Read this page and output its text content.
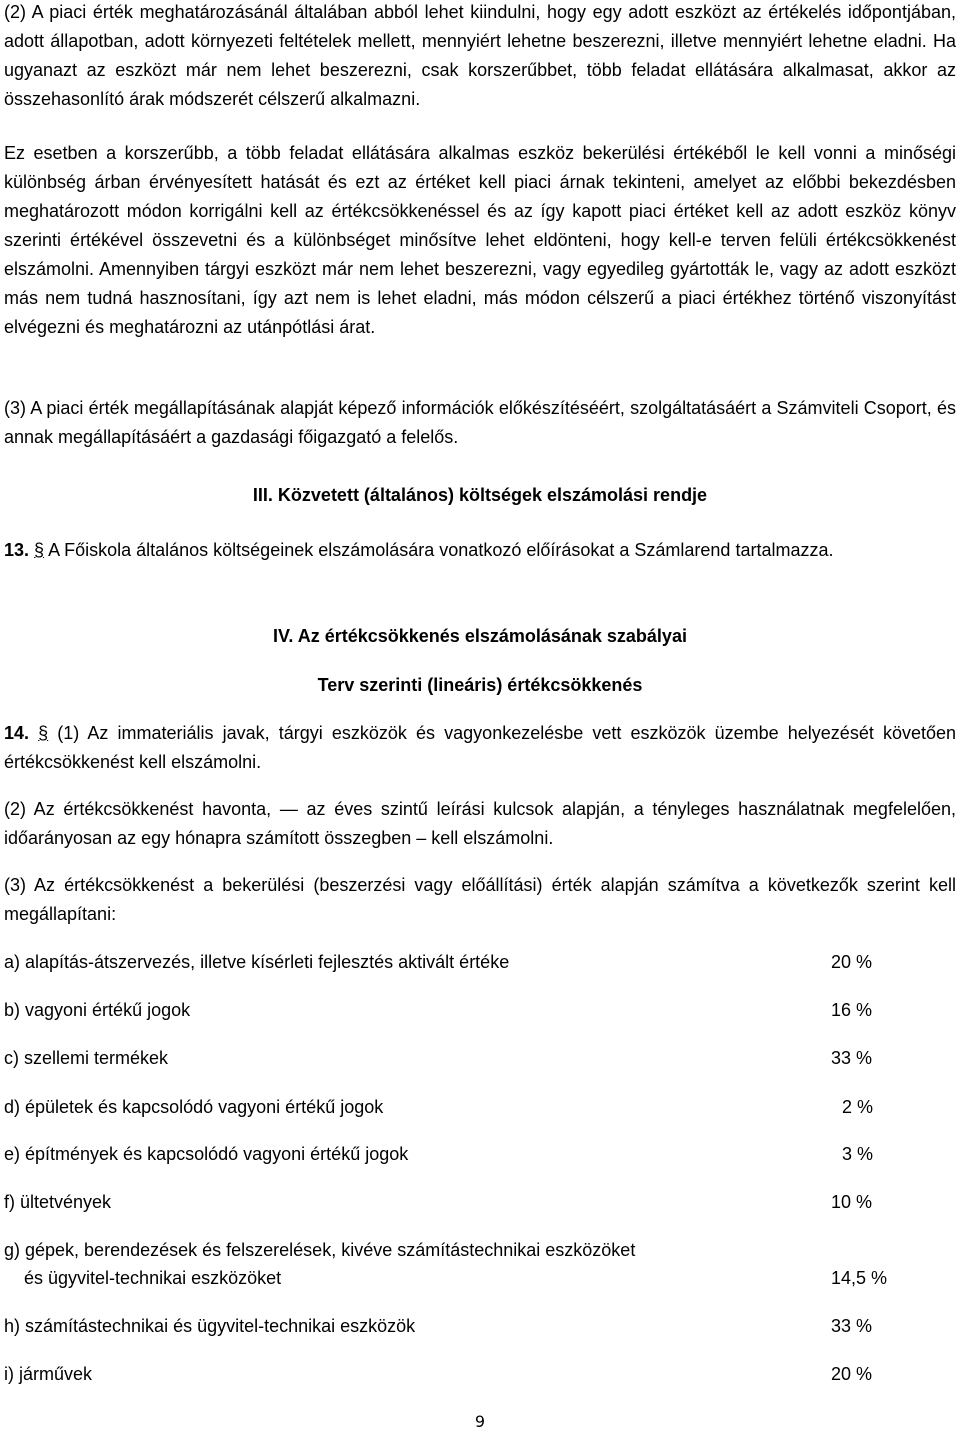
(2) A piaci érték meghatározásánál általában abból lehet kiindulni, hogy egy adott eszközt az értékelés időpontjában, adott állapotban, adott környezeti feltételek mellett, mennyiért lehetne beszerezni, illetve mennyiért lehetne eladni. Ha ugyanazt az eszközt már nem lehet beszerezni, csak korszerűbbet, több feladat ellátására alkalmasat, akkor az összehasonlító árak módszerét célszerű alkalmazni.

Ez esetben a korszerűbb, a több feladat ellátására alkalmas eszköz bekerülési értékéből le kell vonni a minőségi különbség árban érvényesített hatását és ezt az értéket kell piaci árnak tekinteni, amelyet az előbbi bekezdésben meghatározott módon korrigálni kell az értékcsökkenéssel és az így kapott piaci értéket kell az adott eszköz könyv szerinti értékével összevetni és a különbséget minősítve lehet eldönteni, hogy kell-e terven felüli értékcsökkenést elszámolni. Amennyiben tárgyi eszközt már nem lehet beszerezni, vagy egyedileg gyártották le, vagy az adott eszközt más nem tudná hasznosítani, így azt nem is lehet eladni, más módon célszerű a piaci értékhez történő viszonyítást elvégezni és meghatározni az utánpótlási árat.

(3) A piaci érték megállapításának alapját képező információk előkészítéséért, szolgáltatásáért a Számviteli Csoport, és annak megállapításáért a gazdasági főigazgató a felelős.

III. Közvetett (általános) költségek elszámolási rendje

13. § A Főiskola általános költségeinek elszámolására vonatkozó előírásokat a Számlarend tartalmazza.

IV. Az értékcsökkenés elszámolásának szabályai

Terv szerinti (lineáris) értékcsökkenés

14. § (1) Az immateriális javak, tárgyi eszközök és vagyonkezelésbe vett eszközök üzembe helyezését követően értékcsökkenést kell elszámolni.

(2) Az értékcsökkenést havonta, — az éves szintű leírási kulcsok alapján, a tényleges használatnak megfelelően, időarányosan az egy hónapra számított összegben – kell elszámolni.

(3) Az értékcsökkenést a bekerülési (beszerzési vagy előállítási) érték alapján számítva a következők szerint kell megállapítani:

a) alapítás-átszervezés, illetve kísérleti fejlesztés aktivált értéke	20 %
b) vagyoni értékű jogok	16 %
c) szellemi termékek	33 %
d) épületek és kapcsolódó vagyoni értékű jogok	2 %
e) építmények és kapcsolódó vagyoni értékű jogok	3 %
f) ültetvények	10 %
g) gépek, berendezések és felszerelések, kivéve számítástechnikai eszközöket
és ügyvitel-technikai eszközöket	14,5 %
h) számítástechnikai és ügyvitel-technikai eszközök	33 %
i) járművek	20 %
9
